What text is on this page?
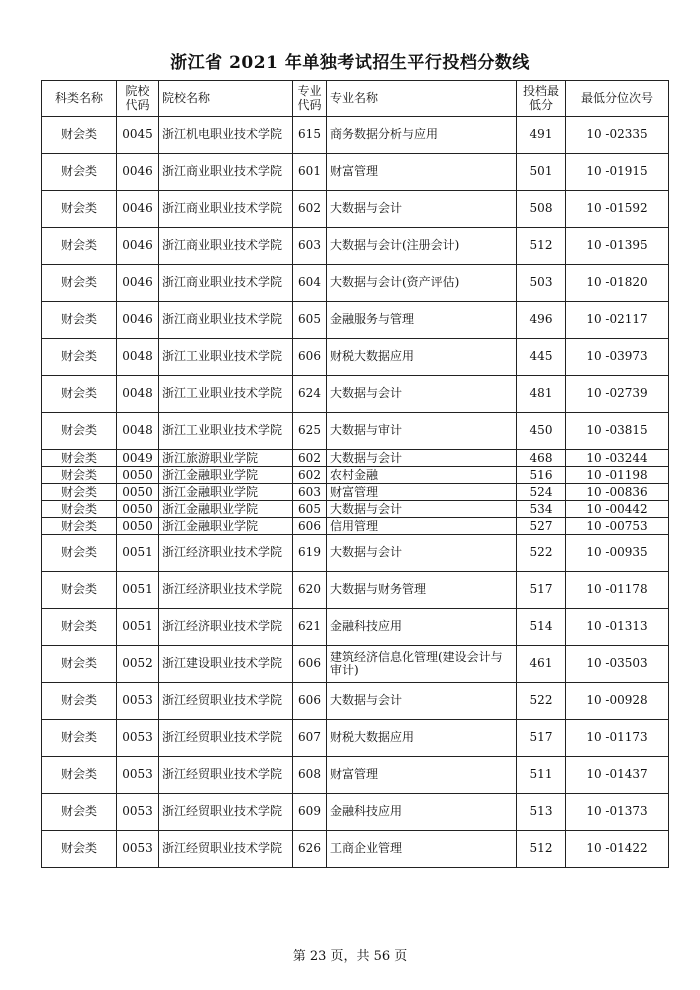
浙江省 2021 年单独考试招生平行投档分数线
科类名称	院校代码	院校名称	专业代码	专业名称	投档最低分	最低分位次号
财会类	0045	浙江机电职业技术学院	615	商务数据分析与应用	491	10 -02335
财会类	0046	浙江商业职业技术学院	601	财富管理	501	10 -01915
财会类	0046	浙江商业职业技术学院	602	大数据与会计	508	10 -01592
财会类	0046	浙江商业职业技术学院	603	大数据与会计(注册会计)	512	10 -01395
财会类	0046	浙江商业职业技术学院	604	大数据与会计(资产评估)	503	10 -01820
财会类	0046	浙江商业职业技术学院	605	金融服务与管理	496	10 -02117
财会类	0048	浙江工业职业技术学院	606	财税大数据应用	445	10 -03973
财会类	0048	浙江工业职业技术学院	624	大数据与会计	481	10 -02739
财会类	0048	浙江工业职业技术学院	625	大数据与审计	450	10 -03815
财会类	0049	浙江旅游职业学院	602	大数据与会计	468	10 -03244
财会类	0050	浙江金融职业学院	602	农村金融	516	10 -01198
财会类	0050	浙江金融职业学院	603	财富管理	524	10 -00836
财会类	0050	浙江金融职业学院	605	大数据与会计	534	10 -00442
财会类	0050	浙江金融职业学院	606	信用管理	527	10 -00753
财会类	0051	浙江经济职业技术学院	619	大数据与会计	522	10 -00935
财会类	0051	浙江经济职业技术学院	620	大数据与财务管理	517	10 -01178
财会类	0051	浙江经济职业技术学院	621	金融科技应用	514	10 -01313
财会类	0052	浙江建设职业技术学院	606	建筑经济信息化管理(建设会计与审计)	461	10 -03503
财会类	0053	浙江经贸职业技术学院	606	大数据与会计	522	10 -00928
财会类	0053	浙江经贸职业技术学院	607	财税大数据应用	517	10 -01173
财会类	0053	浙江经贸职业技术学院	608	财富管理	511	10 -01437
财会类	0053	浙江经贸职业技术学院	609	金融科技应用	513	10 -01373
财会类	0053	浙江经贸职业技术学院	626	工商企业管理	512	10 -01422
第 23 页，共 56 页
